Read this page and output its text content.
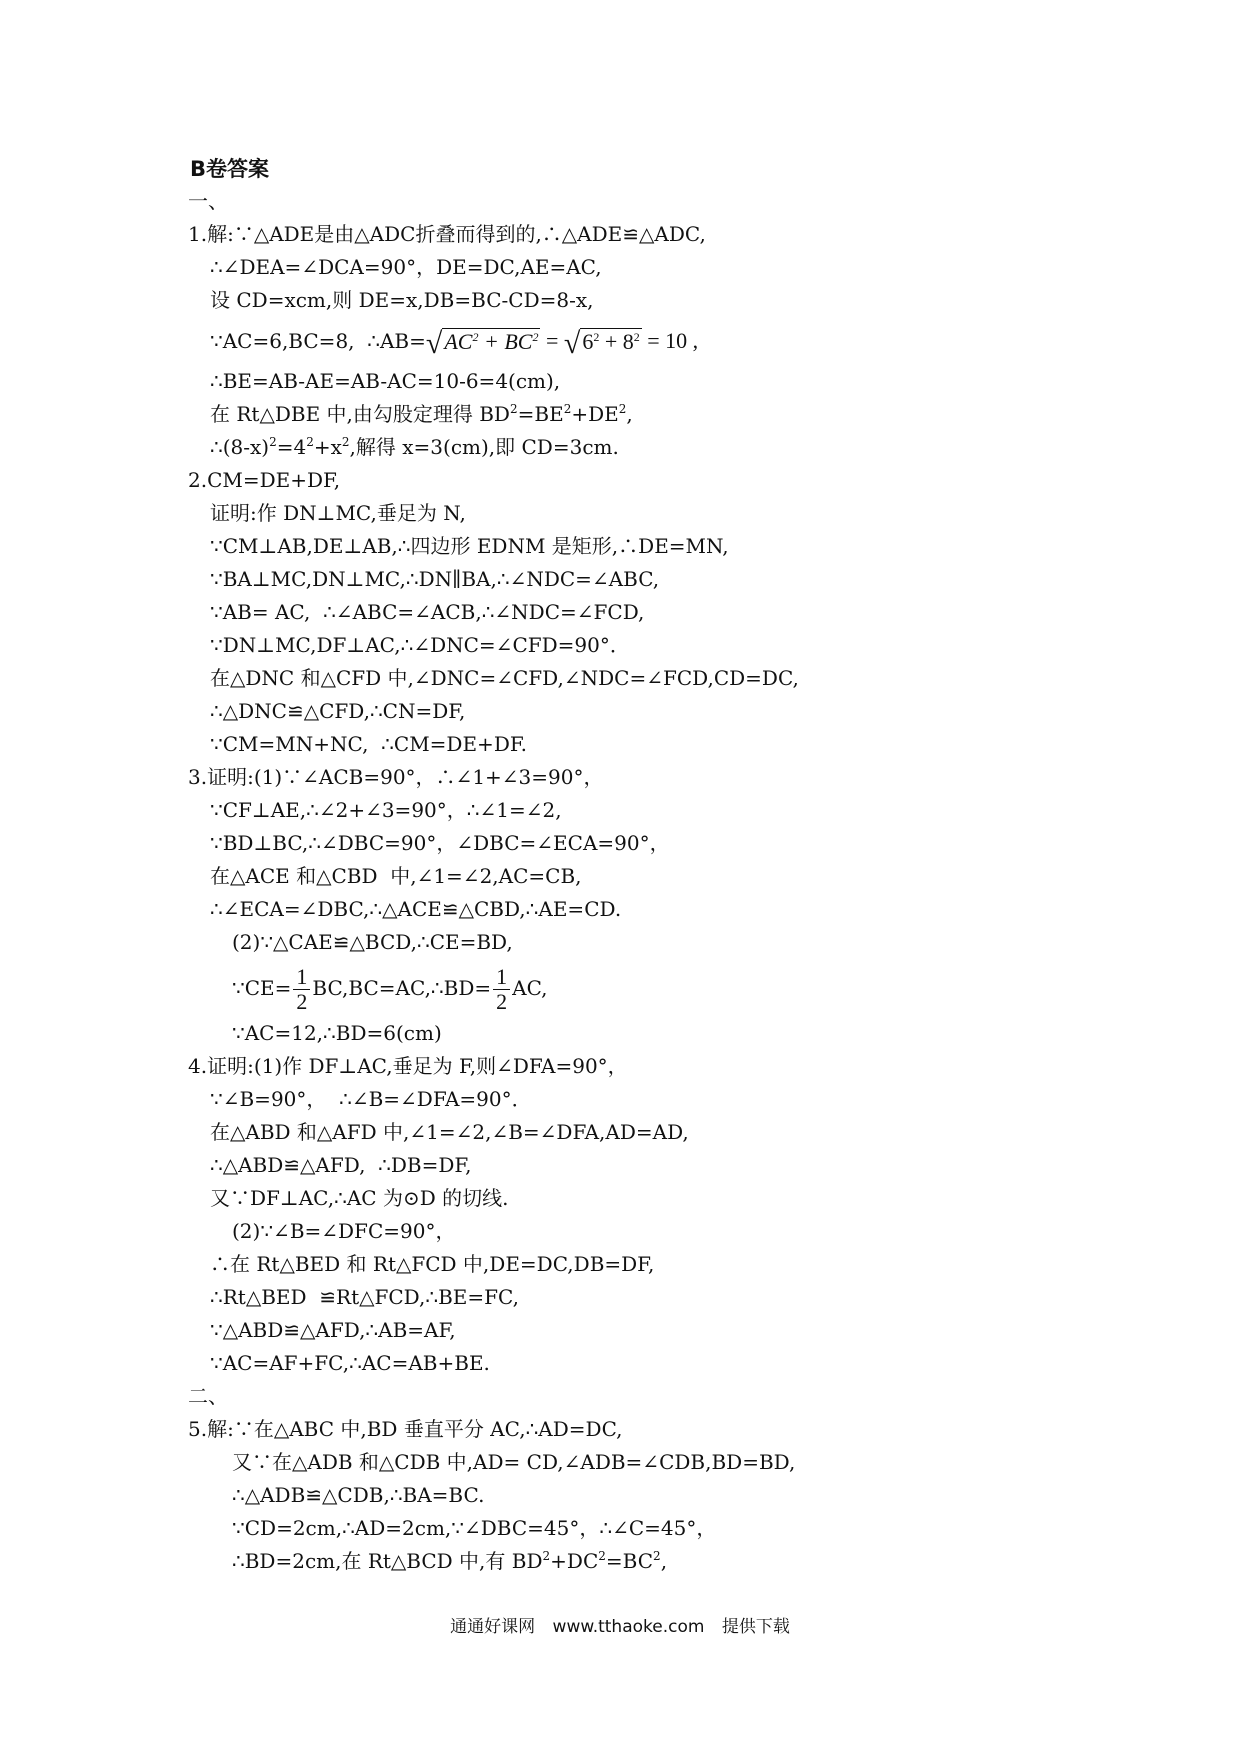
B卷答案
一、
1.解:∵△ADE是由△ADC折叠而得到的,∴△ADE≌△ADC,
∴∠DEA=∠DCA=90°，DE=DC,AE=AC,
设 CD=xcm,则 DE=x,DB=BC-CD=8-x,
∵AC=6,BC=8,  $\therefore AB=√AC^2 + BC^2 = √6^2 + 8^2 = 10$ ,
∴BE=AB-AE=AB-AC=10-6=4(cm),
在 Rt△DBE 中,由勾股定理得 $BD^2=BE^2+DE^2$,
$\therefore(8-x)^2=4^2+x^2$,解得 x=3(cm),即 CD=3cm.
2.CM=DE+DF,
证明:作 DN⊥MC,垂足为 N,
∵CM⊥AB,DE⊥AB,∴四边形 EDNM 是矩形,∴DE=MN,
∵BA⊥MC,DN⊥MC,∴DN∥BA,∴∠NDC=∠ABC,
∵AB= AC,  ∴∠ABC=∠ACB,∴∠NDC=∠FCD,
∵DN⊥MC,DF⊥AC,∴∠DNC=∠CFD=90°．
在△DNC 和△CFD 中,∠DNC=∠CFD,∠NDC=∠FCD,CD=DC,
∴△DNC≌△CFD,∴CN=DF,
∵CM=MN+NC,  ∴CM=DE+DF.
3.证明:(1)∵∠ACB=90°，∴∠1+∠3=90°，
∵CF⊥AE,∴∠2+∠3=90°，∴∠1=∠2,
∵BD⊥BC,∴∠DBC=90°，∠DBC=∠ECA=90°，
在△ACE 和△CBD  中,∠1=∠2,AC=CB,
∴∠ECA=∠DBC,∴△ACE≌△CBD,∴AE=CD.
(2)∵△CAE≌△BCD,∴CE=BD,
∵CE= $\frac{1}{2}$ BC,BC=AC,∴BD= $\frac{1}{2}$ AC,
∵AC=12,∴BD=6(cm)
4.证明:(1)作 DF⊥AC,垂足为 F,则∠DFA=90°，
∵∠B=90°，  ∴∠B=∠DFA=90°．
在△ABD 和△AFD 中,∠1=∠2,∠B=∠DFA,AD=AD,
∴△ABD≌△AFD,  ∴DB=DF,
又∵DF⊥AC,∴AC 为⊙D 的切线.
(2)∵∠B=∠DFC=90°，
∴在 Rt△BED 和 Rt△FCD 中,DE=DC,DB=DF,
∴Rt△BED  ≌Rt△FCD,∴BE=FC,
∵△ABD≌△AFD,∴AB=AF,
∵AC=AF+FC,∴AC=AB+BE.
二、
5.解:∵在△ABC 中,BD 垂直平分 AC,∴AD=DC,
又∵在△ADB 和△CDB 中,AD= CD,∠ADB=∠CDB,BD=BD,
∴△ADB≌△CDB,∴BA=BC.
∵CD=2cm,∴AD=2cm,∵∠DBC=45°，∴∠C=45°，
∴BD=2cm,在 Rt△BCD 中,有 $BD^2+DC^2=BC^2$,
通通好课网 www.tthaoke.com 提供下载
